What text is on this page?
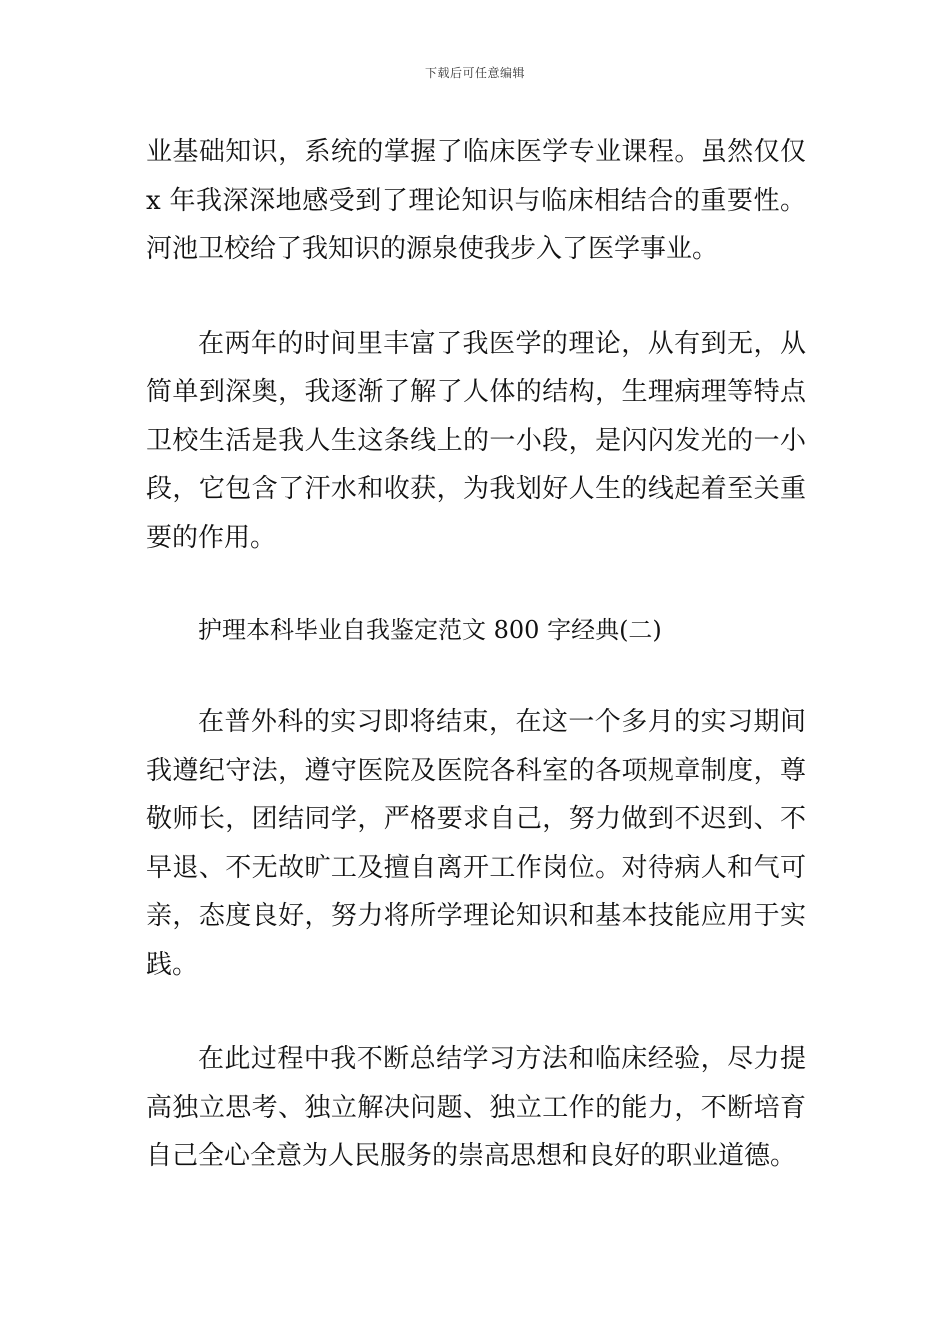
下载后可任意编辑

业基础知识，系统的掌握了临床医学专业课程。虽然仅仅 x 年我深深地感受到了理论知识与临床相结合的重要性。河池卫校给了我知识的源泉使我步入了医学事业。

在两年的时间里丰富了我医学的理论，从有到无，从简单到深奥，我逐渐了解了人体的结构，生理病理等特点卫校生活是我人生这条线上的一小段，是闪闪发光的一小段，它包含了汗水和收获，为我划好人生的线起着至关重要的作用。

护理本科毕业自我鉴定范文 800 字经典(二)

在普外科的实习即将结束，在这一个多月的实习期间我遵纪守法，遵守医院及医院各科室的各项规章制度，尊敬师长，团结同学，严格要求自己，努力做到不迟到、不早退、不无故旷工及擅自离开工作岗位。对待病人和气可亲，态度良好，努力将所学理论知识和基本技能应用于实践。

在此过程中我不断总结学习方法和临床经验，尽力提高独立思考、独立解决问题、独立工作的能力，不断培育自己全心全意为人民服务的崇高思想和良好的职业道德。
